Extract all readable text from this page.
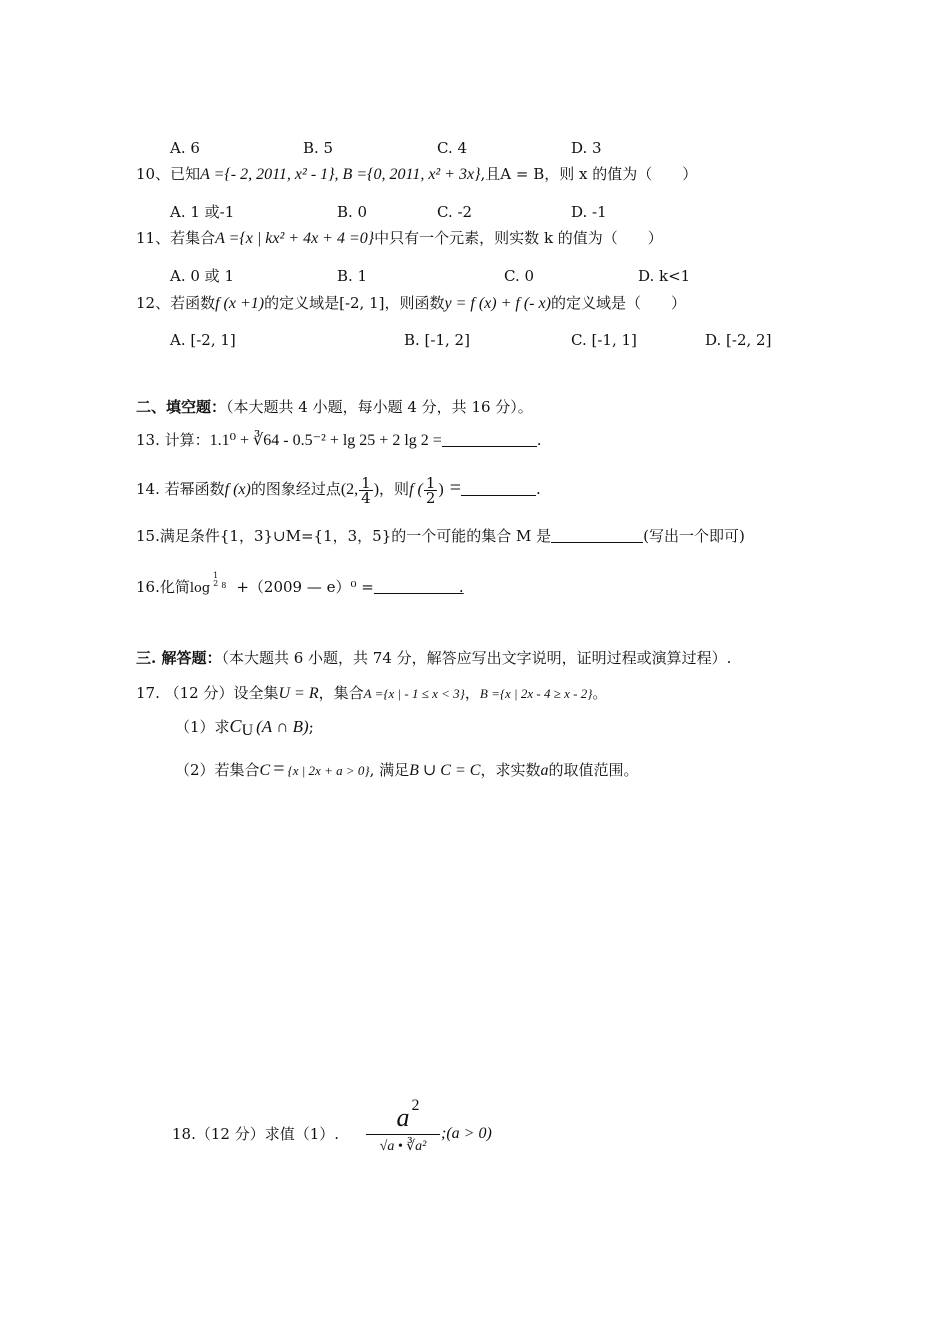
A. 6	B. 5	C. 4	D. 3
10、已知A ={- 2, 2011, x² - 1}, B ={0, 2011, x² + 3x},且A = B，则 x 的值为（　　）
A. 1 或-1	B. 0	C. -2	D. -1
11、若集合A ={x | kx² + 4x + 4 =0}中只有一个元素，则实数 k 的值为（　　）
A. 0 或 1	B. 1	C. 0	D. k<1
12、若函数f (x +1)的定义域是[-2, 1]，则函数y = f (x) + f (- x)的定义域是（　　）
A. [-2, 1]	B. [-1, 2]	C. [-1, 1]	D. [-2, 2]
二、填空题：（本大题共 4 小题，每小题 4 分，共 16 分）。
13. 计算：1.1⁰ + ∛64 - 0.5⁻² + lg 25 + 2 lg 2 =	.
14. 若幂函数f (x)的图象经过点(2, $\frac{1}{4}$ )，则f ( $\frac{1}{2}$ ) =	.
15.满足条件{1，3}∪M={1，3，5}的一个可能的集合 M 是	(写出一个即可)
16.化简log
1
2 $^8$ +（2009 — e）⁰ =	.
三. 解答题：（本大题共 6 小题，共 74 分，解答应写出文字说明，证明过程或演算过程）.
17. （12 分）设全集U = R，集合A ={x | - 1 ≤ x < 3}，B ={x | 2x - 4 ≥ x - 2}。
（1）求$C_U$ (A ∩ B);
（2）若集合C = {x | 2x + a > 0}, 满足B ∪ C = C，求实数a的取值范围。
18.（12 分）求值（1）. $\frac{a 2}{\text{√a • ∛a²}}$ ;(a > 0)
